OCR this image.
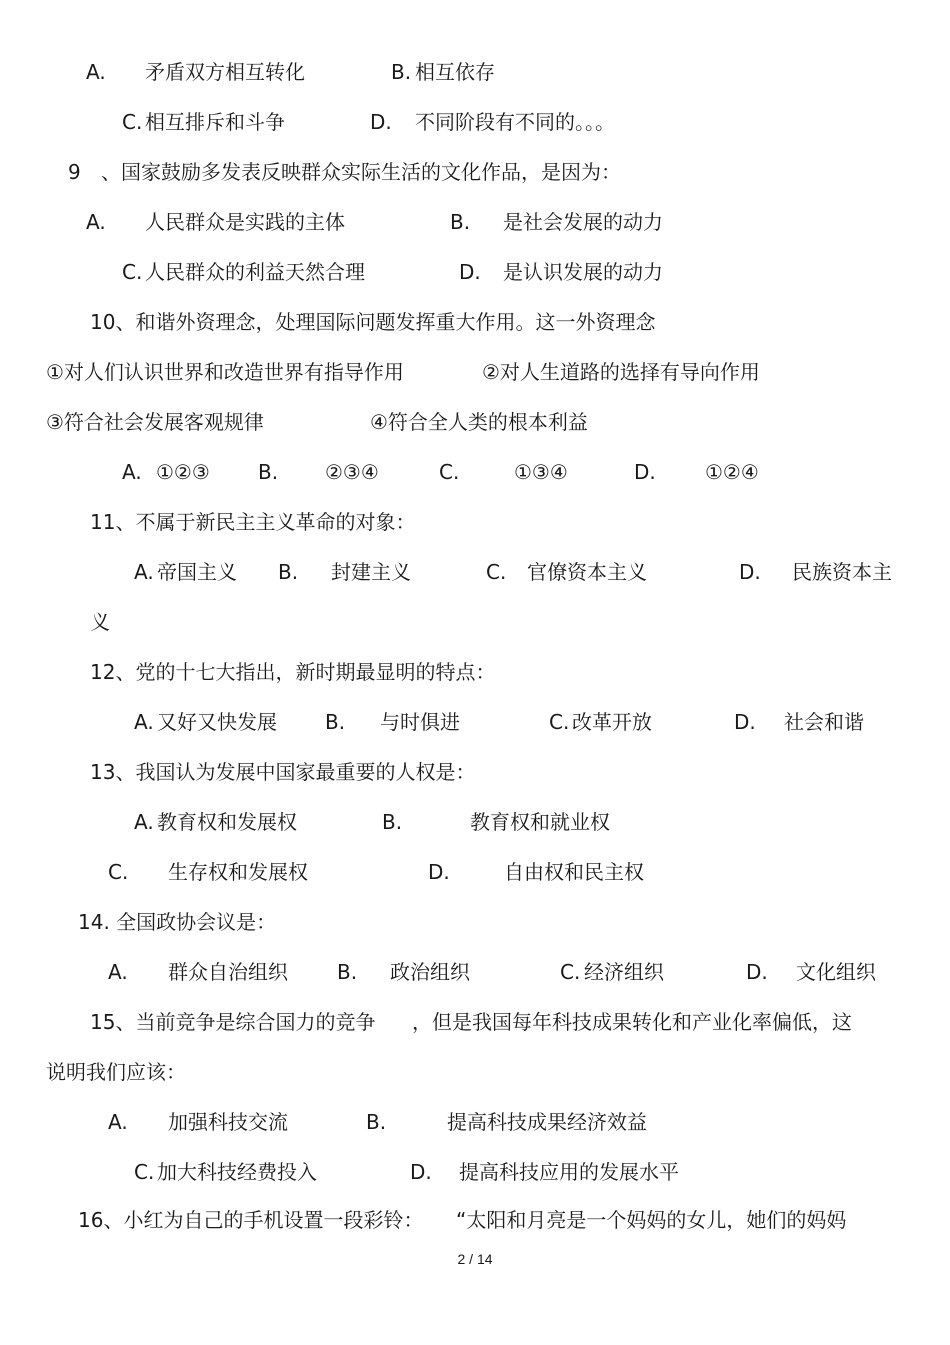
A. 矛盾双方相互转化	B. 相互依存
C. 相互排斥和斗争	D. 不同阶段有不同的。。。
9 、国家鼓励多发表反映群众实际生活的文化作品，是因为：
A. 人民群众是实践的主体	B. 是社会发展的动力
C. 人民群众的利益天然合理	D. 是认识发展的动力
10、和谐外资理念，处理国际问题发挥重大作用。这一外资理念
①对人们认识世界和改造世界有指导作用	②对人生道路的选择有导向作用
③符合社会发展客观规律	④符合全人类的根本利益
A. ①②③ B. ②③④	C.	①③④	D. ①②④
11、不属于新民主主义革命的对象：
A. 帝国主义 B. 封建主义	C. 官僚资本主义	D. 民族资本主
义
12、党的十七大指出，新时期最显明的特点：
A. 又好又快发展 B. 与时俱进	C. 改革开放	D. 社会和谐
13、我国认为发展中国家最重要的人权是：
A. 教育权和发展权	B.	教育权和就业权
C. 生存权和发展权	D.	自由权和民主权
14. 全国政协会议是：
A. 群众自治组织 B. 政治组织	C. 经济组织	D. 文化组织
15、当前竞争是综合国力的竞争 ，但是我国每年科技成果转化和产业化率偏低，这
说明我们应该：
A. 加强科技交流	B.	提高科技成果经济效益
C. 加大科技经费投入	D. 提高科技应用的发展水平
16、小红为自己的手机设置一段彩铃： “太阳和月亮是一个妈妈的女儿，她们的妈妈
2 / 14
